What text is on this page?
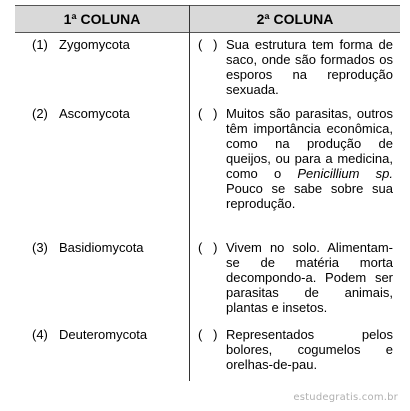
1ª COLUNA	2ª COLUNA
(1) Zygomycota	(   ) Sua estrutura tem forma de saco, onde são formados os esporos na reprodução sexuada.
(2) Ascomycota	(   ) Muitos são parasitas, outros têm importância econômica, como na produção de queijos, ou para a medicina, como o Penicillium sp. Pouco se sabe sobre sua reprodução.
(3) Basidiomycota	(   ) Vivem no solo. Alimentam-se de matéria morta decompondo-a. Podem ser parasitas de animais, plantas e insetos.
(4) Deuteromycota	(   ) Representados pelos bolores, cogumelos e orelhas-de-pau.
estudegratis.com.br
